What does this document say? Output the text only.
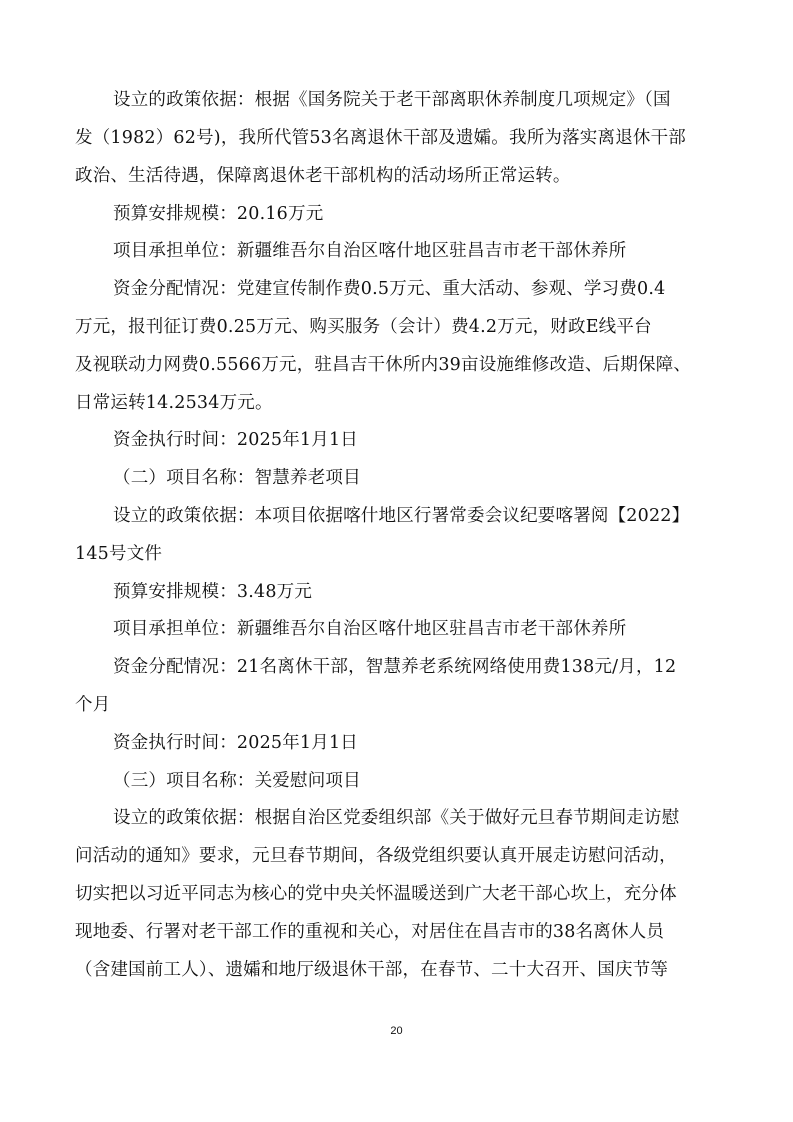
设立的政策依据：根据《国务院关于老干部离职休养制度几项规定》（国
发（1982）62号)，我所代管53名离退休干部及遗孀。我所为落实离退休干部
政治、生活待遇，保障离退休老干部机构的活动场所正常运转。
预算安排规模：20.16万元
项目承担单位：新疆维吾尔自治区喀什地区驻昌吉市老干部休养所
资金分配情况：党建宣传制作费0.5万元、重大活动、参观、学习费0.4
万元，报刊征订费0.25万元、购买服务（会计）费4.2万元，财政E线平台
及视联动力网费0.5566万元，驻昌吉干休所内39亩设施维修改造、后期保障、
日常运转14.2534万元。
资金执行时间：2025年1月1日
（二）项目名称：智慧养老项目
设立的政策依据：本项目依据喀什地区行署常委会议纪要喀署阅【2022】
145号文件
预算安排规模：3.48万元
项目承担单位：新疆维吾尔自治区喀什地区驻昌吉市老干部休养所
资金分配情况：21名离休干部，智慧养老系统网络使用费138元/月，12
个月
资金执行时间：2025年1月1日
（三）项目名称：关爱慰问项目
设立的政策依据：根据自治区党委组织部《关于做好元旦春节期间走访慰
问活动的通知》要求，元旦春节期间，各级党组织要认真开展走访慰问活动，
切实把以习近平同志为核心的党中央关怀温暖送到广大老干部心坎上，充分体
现地委、行署对老干部工作的重视和关心，对居住在昌吉市的38名离休人员
（含建国前工人）、遗孀和地厅级退休干部，在春节、二十大召开、国庆节等
20
